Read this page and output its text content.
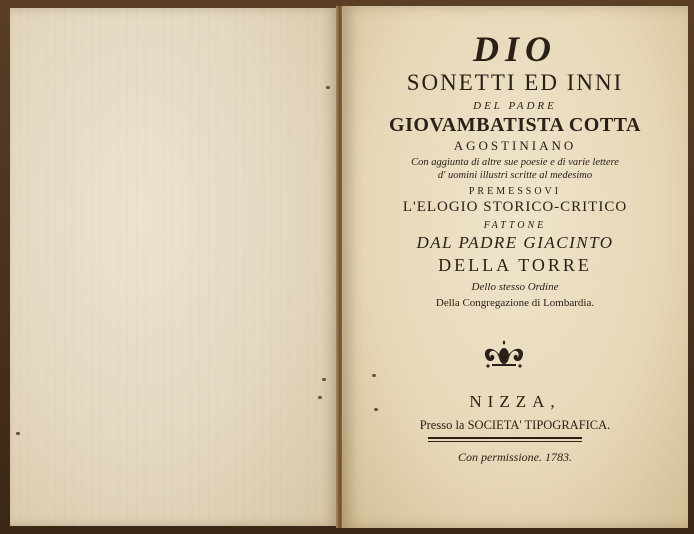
DIO
SONETTI ED INNI
DEL PADRE
GIOVAMBATISTA COTTA
AGOSTINIANO
Con aggiunta di altre sue poesie e di varie lettere
d' uomini illustri scritte al medesimo
PREMESSOVI
L'ELOGIO STORICO-CRITICO
FATTONE
DAL PADRE GIACINTO
DELLA TORRE
Dello stesso Ordine
Della Congregazione di Lombardia.
NIZZA,
Presso la SOCIETA' TIPOGRAFICA.
Con permissione. 1783.
